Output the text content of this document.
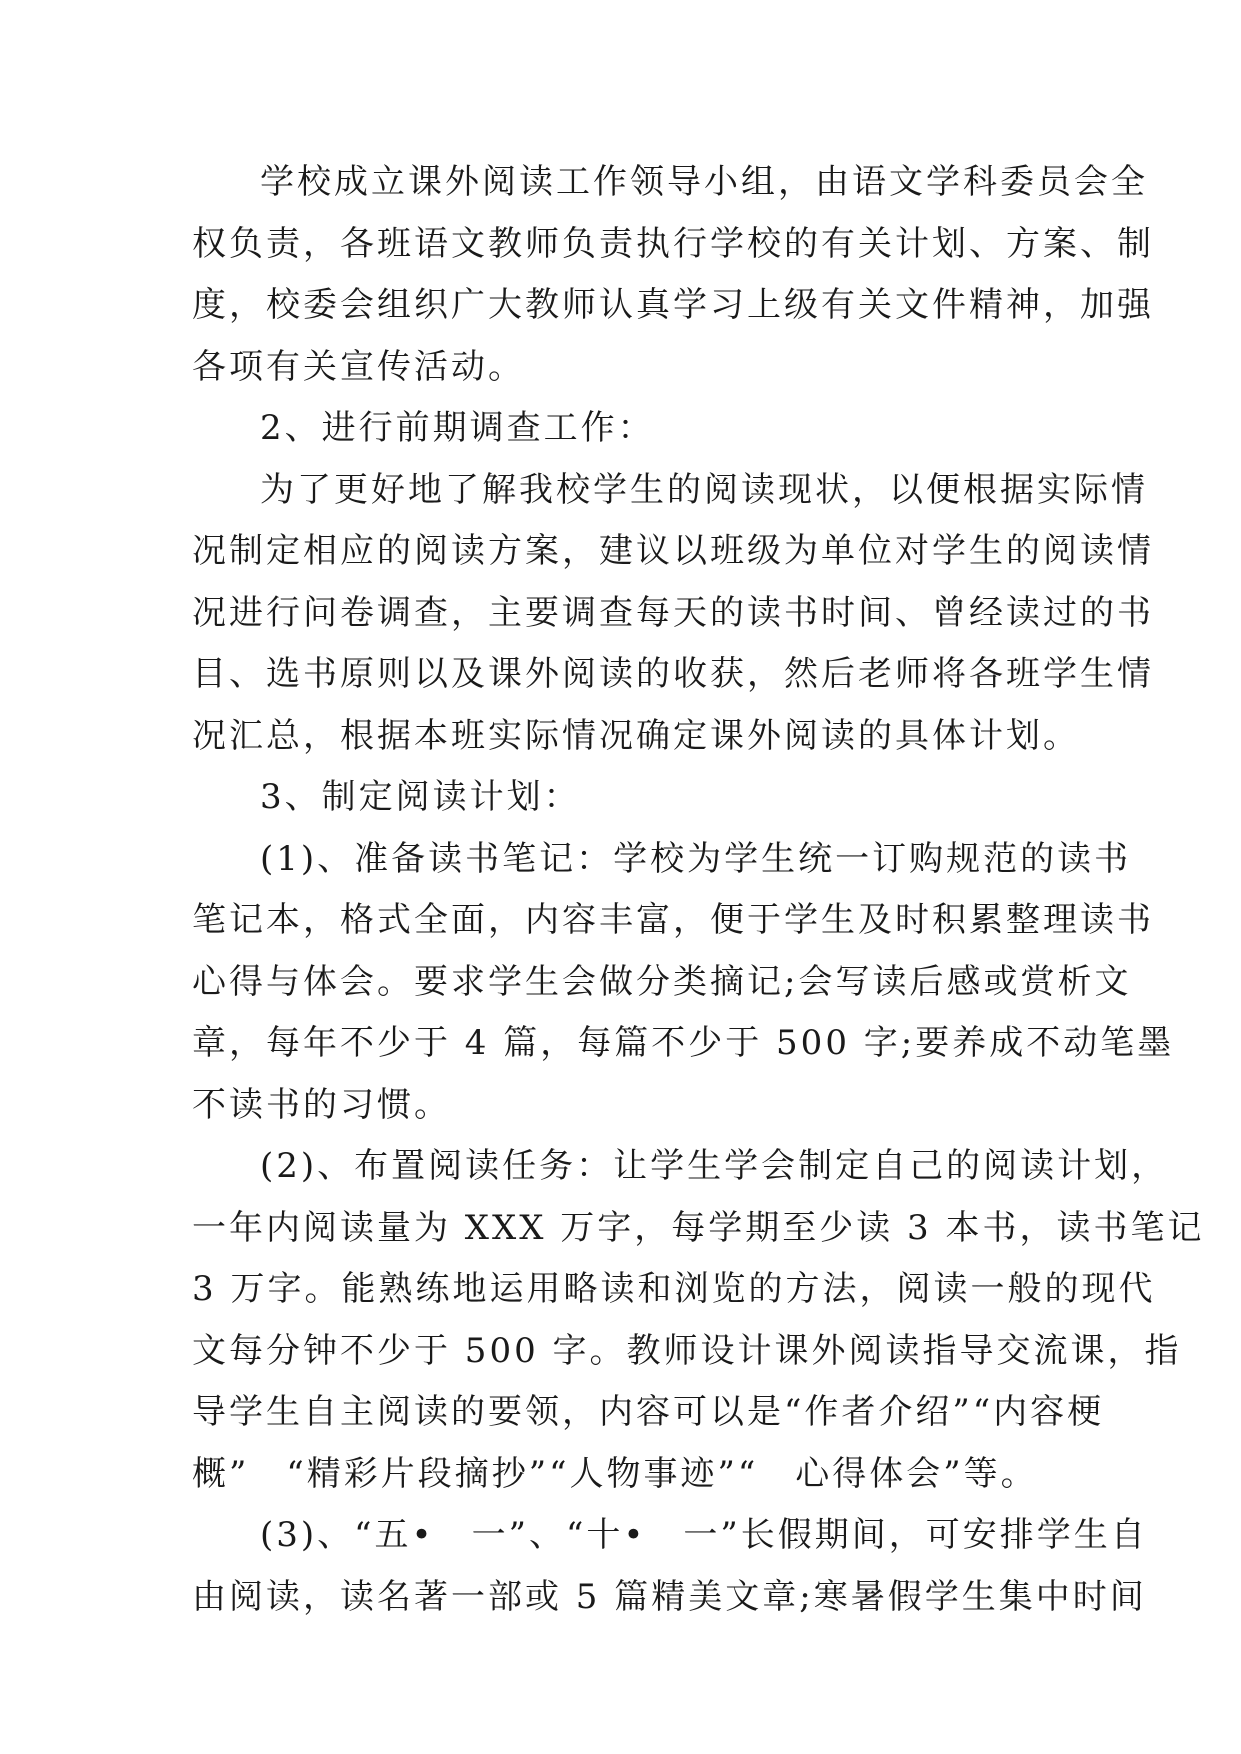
学校成立课外阅读工作领导小组，由语文学科委员会全
权负责，各班语文教师负责执行学校的有关计划、方案、制
度，校委会组织广大教师认真学习上级有关文件精神，加强
各项有关宣传活动。
2、进行前期调查工作：
为了更好地了解我校学生的阅读现状，以便根据实际情
况制定相应的阅读方案，建议以班级为单位对学生的阅读情
况进行问卷调查，主要调查每天的读书时间、曾经读过的书
目、选书原则以及课外阅读的收获，然后老师将各班学生情
况汇总，根据本班实际情况确定课外阅读的具体计划。
3、制定阅读计划：
(1)、准备读书笔记：学校为学生统一订购规范的读书
笔记本，格式全面，内容丰富，便于学生及时积累整理读书
心得与体会。要求学生会做分类摘记;会写读后感或赏析文
章，每年不少于 4 篇，每篇不少于 500 字;要养成不动笔墨
不读书的习惯。
(2)、布置阅读任务：让学生学会制定自己的阅读计划，
一年内阅读量为 XXX 万字，每学期至少读 3 本书，读书笔记
3 万字。能熟练地运用略读和浏览的方法，阅读一般的现代
文每分钟不少于 500 字。教师设计课外阅读指导交流课，指
导学生自主阅读的要领，内容可以是“作者介绍”“内容梗
概”　“精彩片段摘抄”“人物事迹”“　心得体会”等。
(3)、“五•　一”、“十•　一”长假期间，可安排学生自
由阅读，读名著一部或 5 篇精美文章;寒暑假学生集中时间
